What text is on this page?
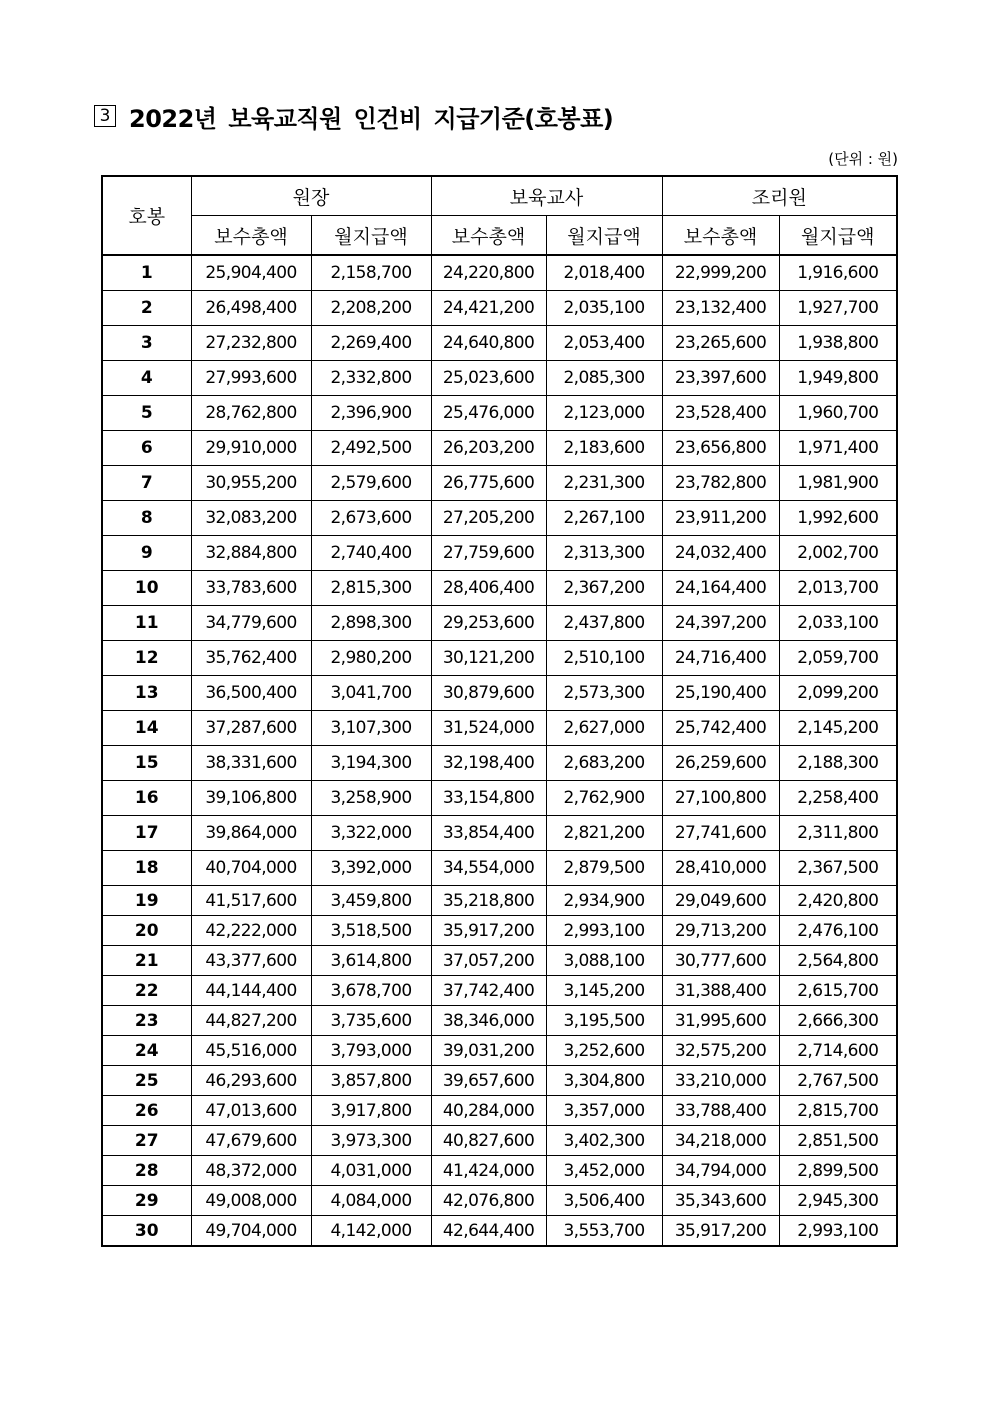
3 2022년 보육교직원 인건비 지급기준(호봉표)
(단위 : 원)
호봉	원장		보육교사		조리원	
	보수총액	월지급액	보수총액	월지급액	보수총액	월지급액
1	25,904,400	2,158,700	24,220,800	2,018,400	22,999,200	1,916,600
2	26,498,400	2,208,200	24,421,200	2,035,100	23,132,400	1,927,700
3	27,232,800	2,269,400	24,640,800	2,053,400	23,265,600	1,938,800
4	27,993,600	2,332,800	25,023,600	2,085,300	23,397,600	1,949,800
5	28,762,800	2,396,900	25,476,000	2,123,000	23,528,400	1,960,700
6	29,910,000	2,492,500	26,203,200	2,183,600	23,656,800	1,971,400
7	30,955,200	2,579,600	26,775,600	2,231,300	23,782,800	1,981,900
8	32,083,200	2,673,600	27,205,200	2,267,100	23,911,200	1,992,600
9	32,884,800	2,740,400	27,759,600	2,313,300	24,032,400	2,002,700
10	33,783,600	2,815,300	28,406,400	2,367,200	24,164,400	2,013,700
11	34,779,600	2,898,300	29,253,600	2,437,800	24,397,200	2,033,100
12	35,762,400	2,980,200	30,121,200	2,510,100	24,716,400	2,059,700
13	36,500,400	3,041,700	30,879,600	2,573,300	25,190,400	2,099,200
14	37,287,600	3,107,300	31,524,000	2,627,000	25,742,400	2,145,200
15	38,331,600	3,194,300	32,198,400	2,683,200	26,259,600	2,188,300
16	39,106,800	3,258,900	33,154,800	2,762,900	27,100,800	2,258,400
17	39,864,000	3,322,000	33,854,400	2,821,200	27,741,600	2,311,800
18	40,704,000	3,392,000	34,554,000	2,879,500	28,410,000	2,367,500
19	41,517,600	3,459,800	35,218,800	2,934,900	29,049,600	2,420,800
20	42,222,000	3,518,500	35,917,200	2,993,100	29,713,200	2,476,100
21	43,377,600	3,614,800	37,057,200	3,088,100	30,777,600	2,564,800
22	44,144,400	3,678,700	37,742,400	3,145,200	31,388,400	2,615,700
23	44,827,200	3,735,600	38,346,000	3,195,500	31,995,600	2,666,300
24	45,516,000	3,793,000	39,031,200	3,252,600	32,575,200	2,714,600
25	46,293,600	3,857,800	39,657,600	3,304,800	33,210,000	2,767,500
26	47,013,600	3,917,800	40,284,000	3,357,000	33,788,400	2,815,700
27	47,679,600	3,973,300	40,827,600	3,402,300	34,218,000	2,851,500
28	48,372,000	4,031,000	41,424,000	3,452,000	34,794,000	2,899,500
29	49,008,000	4,084,000	42,076,800	3,506,400	35,343,600	2,945,300
30	49,704,000	4,142,000	42,644,400	3,553,700	35,917,200	2,993,100
